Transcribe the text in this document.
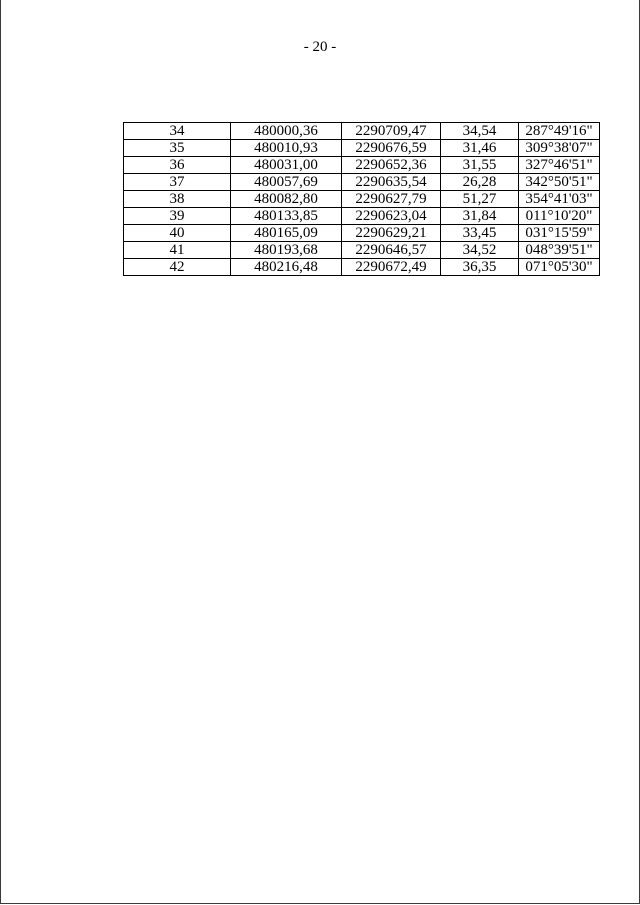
- 20 -
34	480000,36	2290709,47	34,54	287°49'16"
35	480010,93	2290676,59	31,46	309°38'07"
36	480031,00	2290652,36	31,55	327°46'51"
37	480057,69	2290635,54	26,28	342°50'51"
38	480082,80	2290627,79	51,27	354°41'03"
39	480133,85	2290623,04	31,84	011°10'20"
40	480165,09	2290629,21	33,45	031°15'59"
41	480193,68	2290646,57	34,52	048°39'51"
42	480216,48	2290672,49	36,35	071°05'30"
